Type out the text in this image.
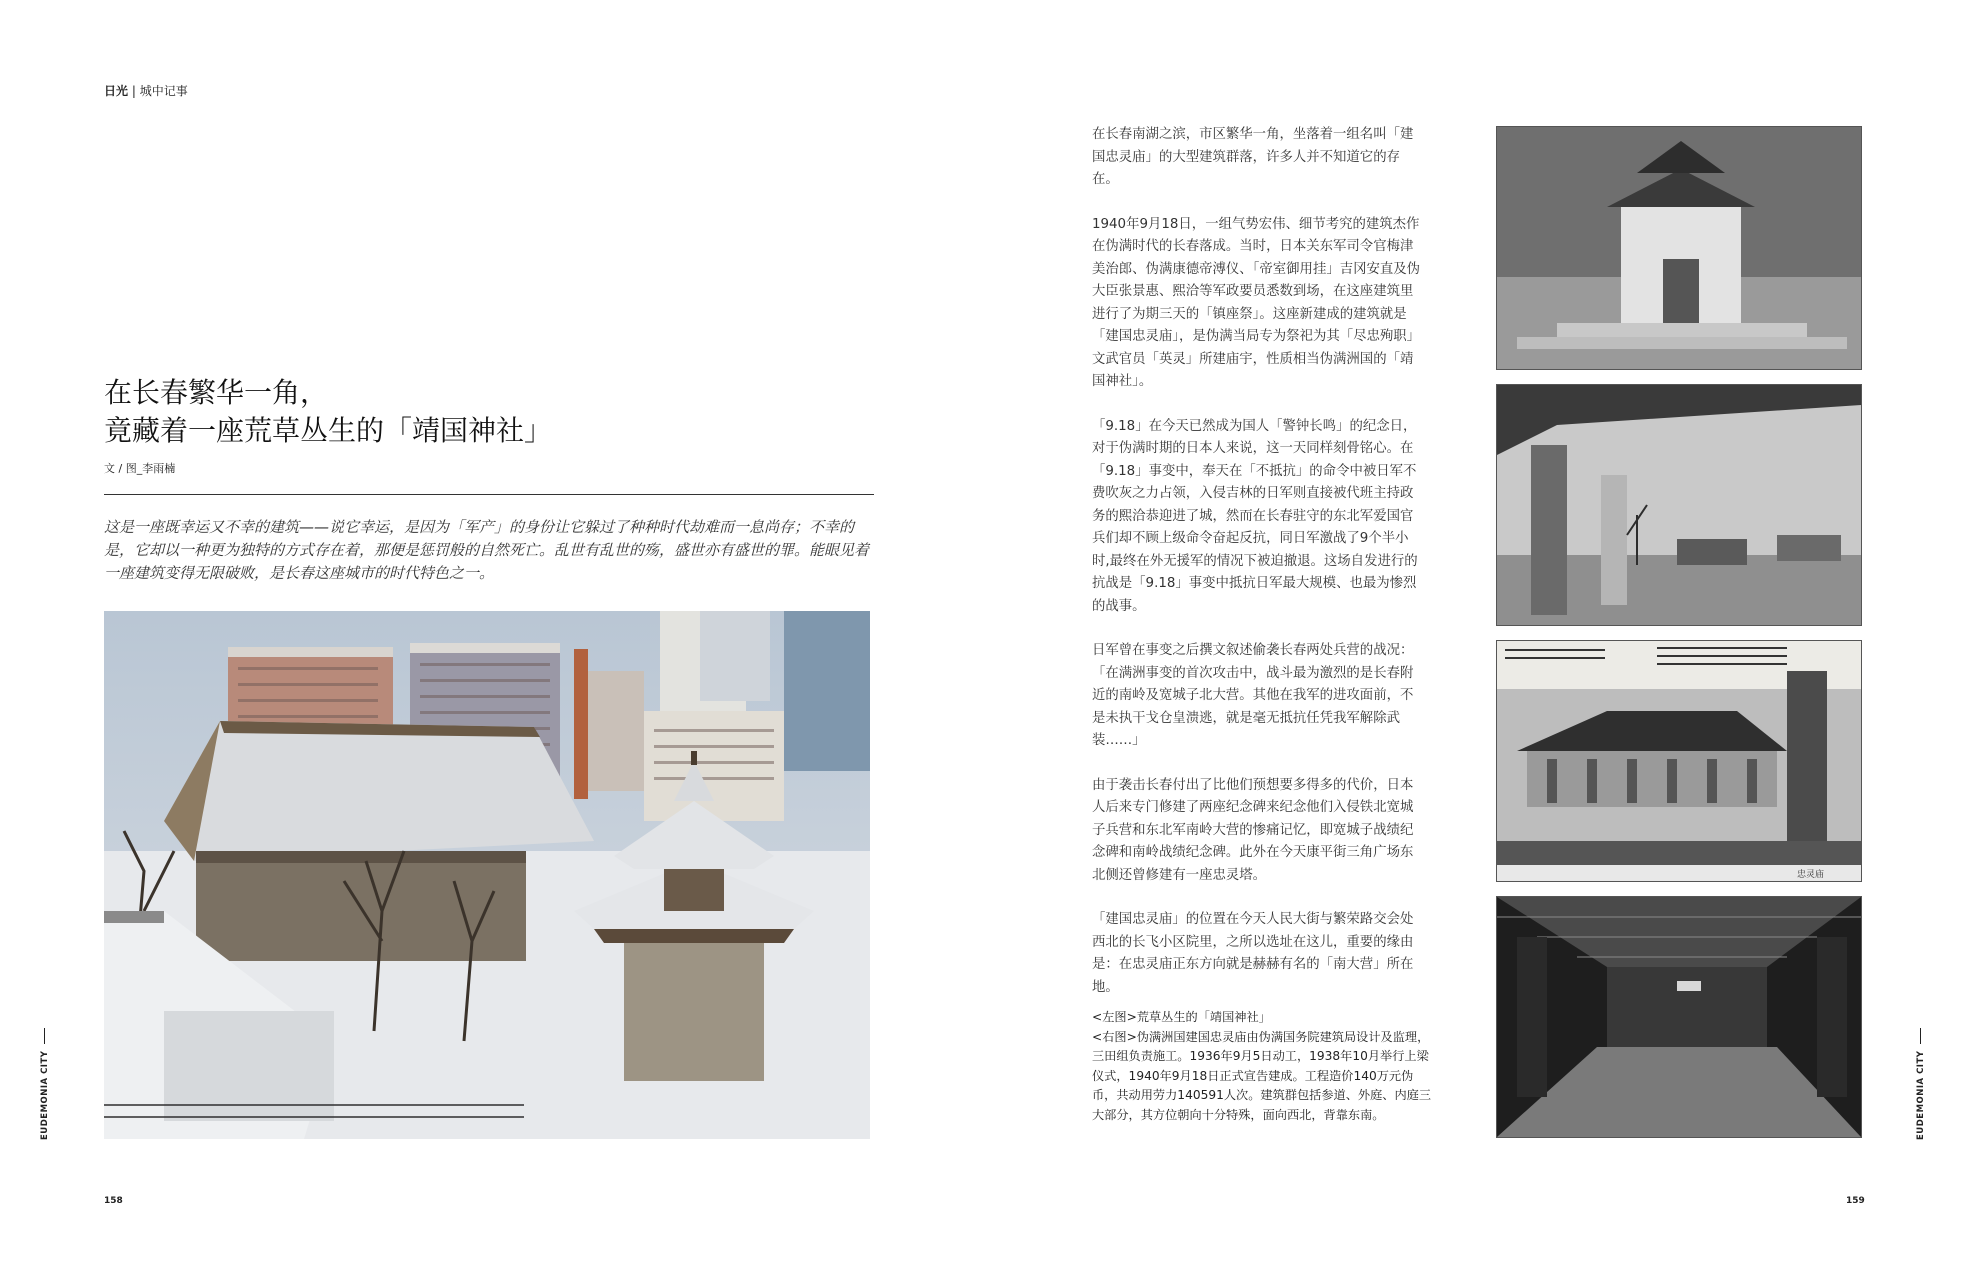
日光 | 城中记事
在长春繁华一角，
竟藏着一座荒草丛生的「靖国神社」
文 / 图_李雨楠
这是一座既幸运又不幸的建筑——说它幸运，是因为「军产」的身份让它躲过了种种时代劫难而一息尚存；不幸的是，它却以一种更为独特的方式存在着，那便是惩罚般的自然死亡。乱世有乱世的殇，盛世亦有盛世的罪。能眼见着一座建筑变得无限破败，是长春这座城市的时代特色之一。

在长春南湖之滨，市区繁华一角，坐落着一组名叫「建国忠灵庙」的大型建筑群落，许多人并不知道它的存在。

1940年9月18日，一组气势宏伟、细节考究的建筑杰作在伪满时代的长春落成。当时，日本关东军司令官梅津美治郎、伪满康德帝溥仪、「帝室御用挂」吉冈安直及伪大臣张景惠、熙洽等军政要员悉数到场，在这座建筑里进行了为期三天的「镇座祭」。这座新建成的建筑就是「建国忠灵庙」，是伪满当局专为祭祀为其「尽忠殉职」文武官员「英灵」所建庙宇，性质相当伪满洲国的「靖国神社」。

「9.18」在今天已然成为国人「警钟长鸣」的纪念日，对于伪满时期的日本人来说，这一天同样刻骨铭心。在「9.18」事变中，奉天在「不抵抗」的命令中被日军不费吹灰之力占领，入侵吉林的日军则直接被代班主持政务的熙洽恭迎进了城，然而在长春驻守的东北军爱国官兵们却不顾上级命令奋起反抗，同日军激战了9个半小时,最终在外无援军的情况下被迫撤退。这场自发进行的抗战是「9.18」事变中抵抗日军最大规模、也最为惨烈的战事。

日军曾在事变之后撰文叙述偷袭长春两处兵营的战况：「在满洲事变的首次攻击中，战斗最为激烈的是长春附近的南岭及宽城子北大营。其他在我军的进攻面前，不是未执干戈仓皇溃逃，就是毫无抵抗任凭我军解除武装……」

由于袭击长春付出了比他们预想要多得多的代价，日本人后来专门修建了两座纪念碑来纪念他们入侵铁北宽城子兵营和东北军南岭大营的惨痛记忆，即宽城子战绩纪念碑和南岭战绩纪念碑。此外在今天康平街三角广场东北侧还曾修建有一座忠灵塔。

「建国忠灵庙」的位置在今天人民大街与繁荣路交会处西北的长飞小区院里，之所以选址在这儿，重要的缘由是：在忠灵庙正东方向就是赫赫有名的「南大营」所在地。

<左图>荒草丛生的「靖国神社」

<右图>伪满洲国建国忠灵庙由伪满国务院建筑局设计及监理，三田组负责施工。1936年9月5日动工，1938年10月举行上梁仪式，1940年9月18日正式宣告建成。工程造价140万元伪币，共动用劳力140591人次。建筑群包括参道、外庭、内庭三大部分，其方位朝向十分特殊，面向西北，背靠东南。

忠灵庙
EUDEMONIA CITY	EUDEMONIA CITY
158	159
